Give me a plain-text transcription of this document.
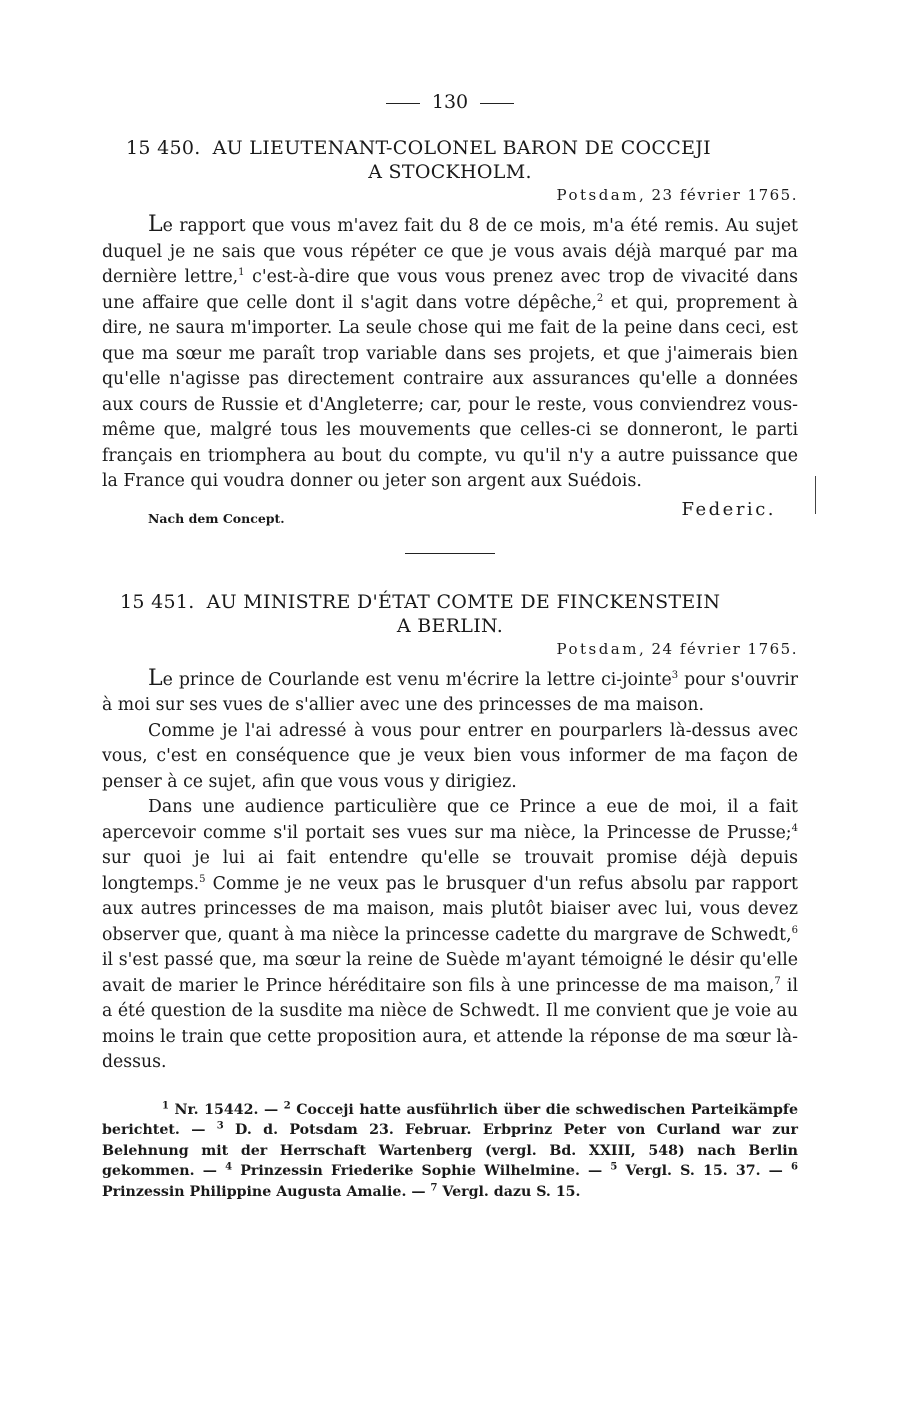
130
15 450. AU LIEUTENANT-COLONEL BARON DE COCCEJI
A STOCKHOLM.
Potsdam, 23 février 1765.

Le rapport que vous m'avez fait du 8 de ce mois, m'a été remis. Au sujet duquel je ne sais que vous répéter ce que je vous avais déjà marqué par ma dernière lettre,$^1$ c'est-à-dire que vous vous prenez avec trop de vivacité dans une affaire que celle dont il s'agit dans votre dépêche,$^2$ et qui, proprement à dire, ne saura m'importer. La seule chose qui me fait de la peine dans ceci, est que ma sœur me paraît trop variable dans ses projets, et que j'aimerais bien qu'elle n'agisse pas directement contraire aux assurances qu'elle a données aux cours de Russie et d'Angleterre; car, pour le reste, vous conviendrez vous-même que, malgré tous les mouvements que celles-ci se donneront, le parti français en triomphera au bout du compte, vu qu'il n'y a autre puissance que la France qui voudra donner ou jeter son argent aux Suédois.

Nach dem Concept.	Federic.
15 451. AU MINISTRE D'ÉTAT COMTE DE FINCKENSTEIN
A BERLIN.
Potsdam, 24 février 1765.

Le prince de Courlande est venu m'écrire la lettre ci-jointe$^3$ pour s'ouvrir à moi sur ses vues de s'allier avec une des princesses de ma maison.

Comme je l'ai adressé à vous pour entrer en pourparlers là-dessus avec vous, c'est en conséquence que je veux bien vous informer de ma façon de penser à ce sujet, afin que vous vous y dirigiez.

Dans une audience particulière que ce Prince a eue de moi, il a fait apercevoir comme s'il portait ses vues sur ma nièce, la Princesse de Prusse;$^4$ sur quoi je lui ai fait entendre qu'elle se trouvait promise déjà depuis longtemps.$^5$ Comme je ne veux pas le brusquer d'un refus absolu par rapport aux autres princesses de ma maison, mais plutôt biaiser avec lui, vous devez observer que, quant à ma nièce la princesse cadette du margrave de Schwedt,$^6$ il s'est passé que, ma sœur la reine de Suède m'ayant témoigné le désir qu'elle avait de marier le Prince héréditaire son fils à une princesse de ma maison,$^7$ il a été question de la susdite ma nièce de Schwedt. Il me convient que je voie au moins le train que cette proposition aura, et attende la réponse de ma sœur là-dessus.

$^1$ Nr. 15442. — $^2$ Cocceji hatte ausführlich über die schwedischen Parteikämpfe berichtet. — $^3$ D. d. Potsdam 23. Februar. Erbprinz Peter von Curland war zur Belehnung mit der Herrschaft Wartenberg (vergl. Bd. XXIII, 548) nach Berlin gekommen. — $^4$ Prinzessin Friederike Sophie Wilhelmine. — $^5$ Vergl. S. 15. 37. — $^6$ Prinzessin Philippine Augusta Amalie. — $^7$ Vergl. dazu S. 15.
